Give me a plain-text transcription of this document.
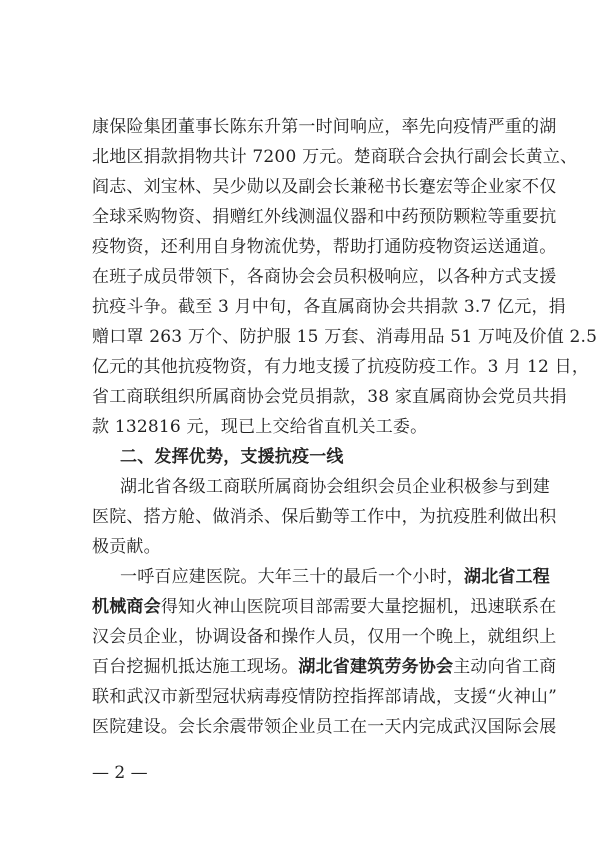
康保险集团董事长陈东升第一时间响应，率先向疫情严重的湖
北地区捐款捐物共计 7200 万元。楚商联合会执行副会长黄立、
阎志、刘宝林、吴少勋以及副会长兼秘书长蹇宏等企业家不仅
全球采购物资、捐赠红外线测温仪器和中药预防颗粒等重要抗
疫物资，还利用自身物流优势，帮助打通防疫物资运送通道。
在班子成员带领下，各商协会会员积极响应，以各种方式支援
抗疫斗争。截至 3 月中旬，各直属商协会共捐款 3.7 亿元，捐
赠口罩 263 万个、防护服 15 万套、消毒用品 51 万吨及价值 2.5
亿元的其他抗疫物资，有力地支援了抗疫防疫工作。3 月 12 日，
省工商联组织所属商协会党员捐款，38 家直属商协会党员共捐
款 132816 元，现已上交给省直机关工委。
二、发挥优势，支援抗疫一线
湖北省各级工商联所属商协会组织会员企业积极参与到建
医院、搭方舱、做消杀、保后勤等工作中，为抗疫胜利做出积
极贡献。
一呼百应建医院。大年三十的最后一个小时，湖北省工程
机械商会得知火神山医院项目部需要大量挖掘机，迅速联系在
汉会员企业，协调设备和操作人员，仅用一个晚上，就组织上
百台挖掘机抵达施工现场。湖北省建筑劳务协会主动向省工商
联和武汉市新型冠状病毒疫情防控指挥部请战，支援“火神山”
医院建设。会长余震带领企业员工在一天内完成武汉国际会展
— 2 —
